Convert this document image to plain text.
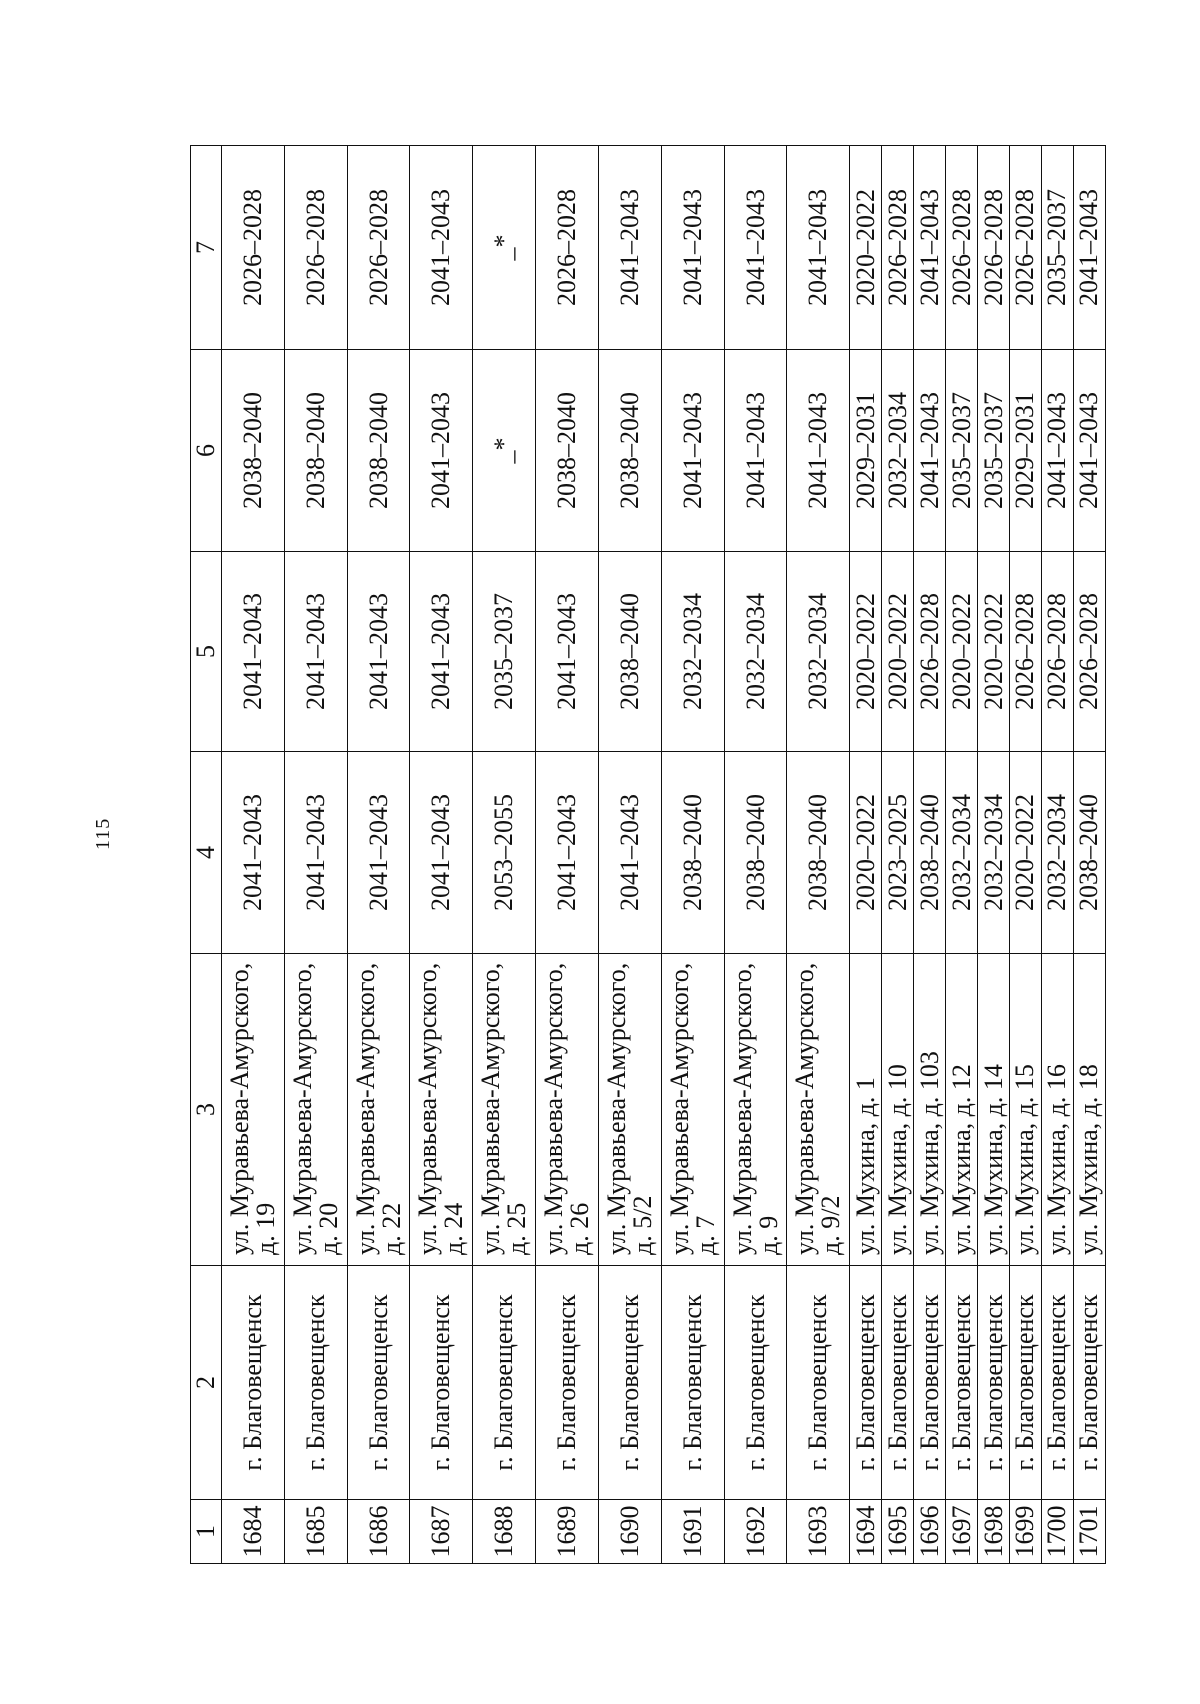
115
1	2	3	4	5	6	7
1684	г. Благовещенск	ул. Муравьева-Амурского, д. 19	2041–2043	2041–2043	2038–2040	2026–2028
1685	г. Благовещенск	ул. Муравьева-Амурского, д. 20	2041–2043	2041–2043	2038–2040	2026–2028
1686	г. Благовещенск	ул. Муравьева-Амурского, д. 22	2041–2043	2041–2043	2038–2040	2026–2028
1687	г. Благовещенск	ул. Муравьева-Амурского, д. 24	2041–2043	2041–2043	2041–2043	2041–2043
1688	г. Благовещенск	ул. Муравьева-Амурского, д. 25	2053–2055	2035–2037	_*	_*
1689	г. Благовещенск	ул. Муравьева-Амурского, д. 26	2041–2043	2041–2043	2038–2040	2026–2028
1690	г. Благовещенск	ул. Муравьева-Амурского, д. 5/2	2041–2043	2038–2040	2038–2040	2041–2043
1691	г. Благовещенск	ул. Муравьева-Амурского, д. 7	2038–2040	2032–2034	2041–2043	2041–2043
1692	г. Благовещенск	ул. Муравьева-Амурского, д. 9	2038–2040	2032–2034	2041–2043	2041–2043
1693	г. Благовещенск	ул. Муравьева-Амурского, д. 9/2	2038–2040	2032–2034	2041–2043	2041–2043
1694	г. Благовещенск	ул. Мухина, д. 1	2020–2022	2020–2022	2029–2031	2020–2022
1695	г. Благовещенск	ул. Мухина, д. 10	2023–2025	2020–2022	2032–2034	2026–2028
1696	г. Благовещенск	ул. Мухина, д. 103	2038–2040	2026–2028	2041–2043	2041–2043
1697	г. Благовещенск	ул. Мухина, д. 12	2032–2034	2020–2022	2035–2037	2026–2028
1698	г. Благовещенск	ул. Мухина, д. 14	2032–2034	2020–2022	2035–2037	2026–2028
1699	г. Благовещенск	ул. Мухина, д. 15	2020–2022	2026–2028	2029–2031	2026–2028
1700	г. Благовещенск	ул. Мухина, д. 16	2032–2034	2026–2028	2041–2043	2035–2037
1701	г. Благовещенск	ул. Мухина, д. 18	2038–2040	2026–2028	2041–2043	2041–2043
